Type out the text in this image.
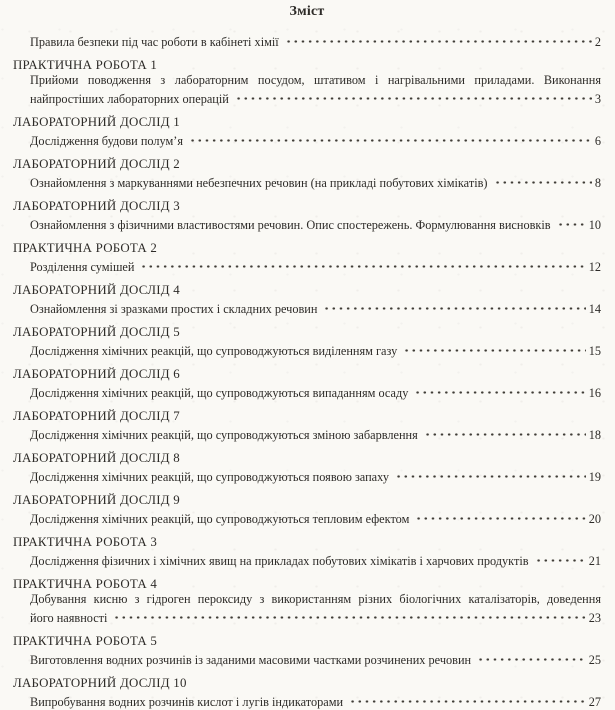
Зміст
Правила безпеки під час роботи в кабінеті хімії	2
ПРАКТИЧНА РОБОТА 1
Прийоми поводження з лабораторним посудом, штативом і нагрівальними приладами. Виконання
найпростіших лабораторних операцій	3
ЛАБОРАТОРНИЙ ДОСЛІД 1
Дослідження будови полум’я	6
ЛАБОРАТОРНИЙ ДОСЛІД 2
Ознайомлення з маркуваннями небезпечних речовин (на прикладі побутових хімікатів)	8
ЛАБОРАТОРНИЙ ДОСЛІД 3
Ознайомлення з фізичними властивостями речовин. Опис спостережень. Формулювання висновків	10
ПРАКТИЧНА РОБОТА 2
Розділення сумішей	12
ЛАБОРАТОРНИЙ ДОСЛІД 4
Ознайомлення зі зразками простих і складних речовин	14
ЛАБОРАТОРНИЙ ДОСЛІД 5
Дослідження хімічних реакцій, що супроводжуються виділенням газу	15
ЛАБОРАТОРНИЙ ДОСЛІД 6
Дослідження хімічних реакцій, що супроводжуються випаданням осаду	16
ЛАБОРАТОРНИЙ ДОСЛІД 7
Дослідження хімічних реакцій, що супроводжуються зміною забарвлення	18
ЛАБОРАТОРНИЙ ДОСЛІД 8
Дослідження хімічних реакцій, що супроводжуються появою запаху	19
ЛАБОРАТОРНИЙ ДОСЛІД 9
Дослідження хімічних реакцій, що супроводжуються тепловим ефектом	20
ПРАКТИЧНА РОБОТА 3
Дослідження фізичних і хімічних явищ на прикладах побутових хімікатів і харчових продуктів	21
ПРАКТИЧНА РОБОТА 4
Добування кисню з гідроген пероксиду з використанням різних біологічних каталізаторів, доведення
його наявності	23
ПРАКТИЧНА РОБОТА 5
Виготовлення водних розчинів із заданими масовими частками розчинених речовин	25
ЛАБОРАТОРНИЙ ДОСЛІД 10
Випробування водних розчинів кислот і лугів індикаторами	27
